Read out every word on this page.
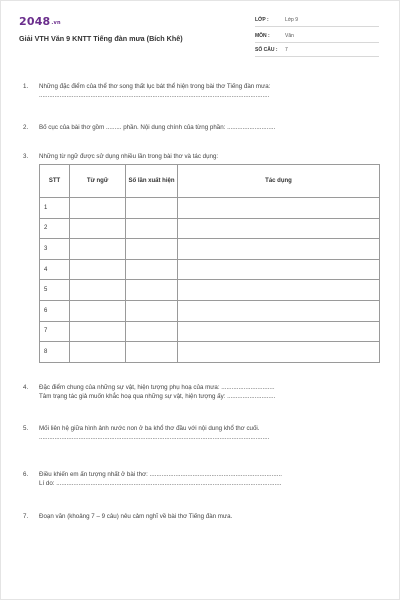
2048.vn
Giải VTH Văn 9 KNTT Tiếng đàn mưa (Bích Khê)
LỚP :	Lớp 9
MÔN :	Văn
SỐ CÂU : 7
1. Những đặc điểm của thể thơ song thất lục bát thể hiện trong bài thơ Tiếng đàn mưa:
......................................................................................................................................
2. Bố cục của bài thơ gồm ......... phần. Nội dung chính của từng phần: ............................
3. Những từ ngữ được sử dụng nhiều lần trong bài thơ và tác dụng:
STT	Từ ngữ	Số lần xuất hiện	Tác dụng
1			
2			
3			
4			
5			
6			
7			
8			
4. Đặc điểm chung của những sự vật, hiện tượng phụ hoạ của mưa: ...............................
Tâm trạng tác giả muốn khắc hoạ qua những sự vật, hiện tượng ấy: ............................
5. Mối liên hệ giữa hình ảnh nước non ở ba khổ thơ đầu với nội dung khổ thơ cuối.
......................................................................................................................................
6. Điều khiến em ấn tượng nhất ở bài thơ: .............................................................................
Lí do: ...................................................................................................................................
7. Đoạn văn (khoảng 7 – 9 câu) nêu cảm nghĩ về bài thơ Tiếng đàn mưa.
